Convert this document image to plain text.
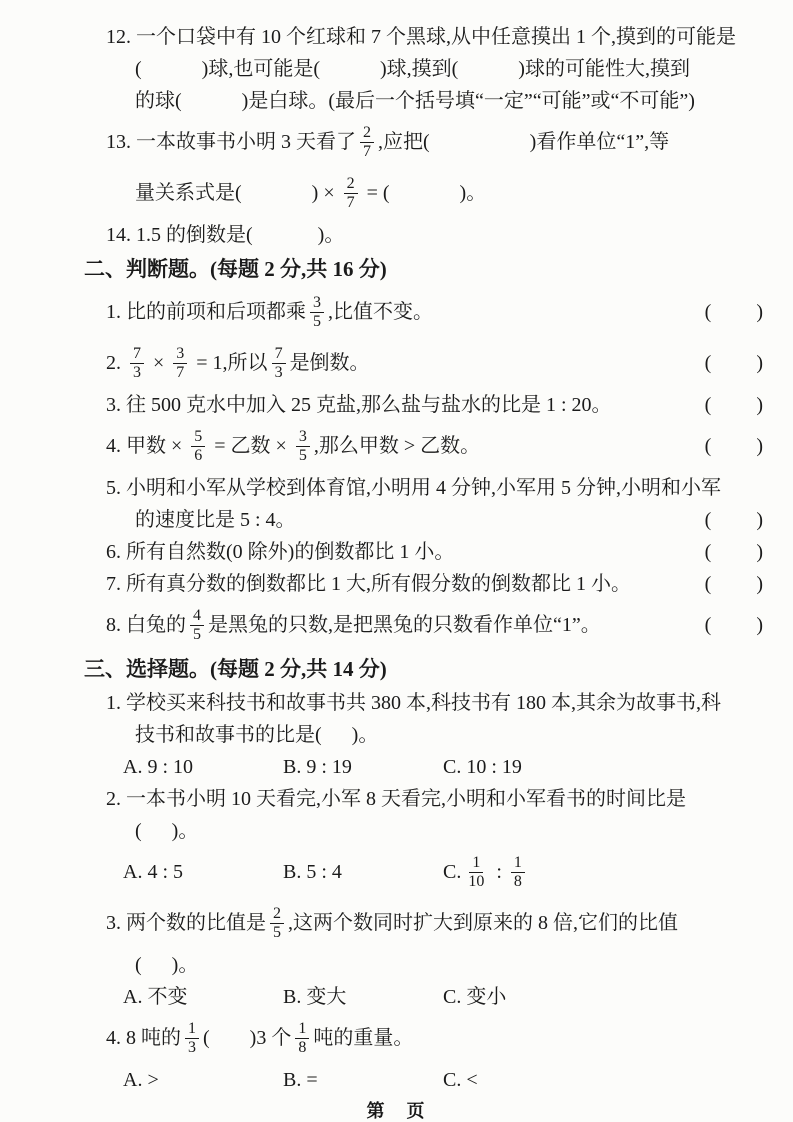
12. 一个口袋中有 10 个红球和 7 个黑球,从中任意摸出 1 个,摸到的可能是
(            )球,也可能是(            )球,摸到(            )球的可能性大,摸到
的球(            )是白球。(最后一个括号填“一定”“可能”或“不可能”)
13. 一本故事书小明 3 天看了 $\frac{2}{7}$ ,应把(                    )看作单位“1”,等
量关系式是(              ) × $\frac{2}{7}$ = (              )。
14. 1.5 的倒数是(             )。
二、判断题。(每题 2 分,共 16 分)
1. 比的前项和后项都乘 $\frac{3}{5}$ ,比值不变。	(         )
2. $\frac{7}{3} \times \frac{3}{7} = 1$,所以 $\frac{7}{3}$ 是倒数。	(         )
3. 往 500 克水中加入 25 克盐,那么盐与盐水的比是 1 : 20。	(         )
4. 甲数 × $\frac{5}{6}$ = 乙数 × $\frac{3}{5}$ ,那么甲数 > 乙数。	(         )
5. 小明和小军从学校到体育馆,小明用 4 分钟,小军用 5 分钟,小明和小军
的速度比是 5 : 4。	(         )
6. 所有自然数(0 除外)的倒数都比 1 小。	(         )
7. 所有真分数的倒数都比 1 大,所有假分数的倒数都比 1 小。	(         )
8. 白兔的 $\frac{4}{5}$ 是黑兔的只数,是把黑兔的只数看作单位“1”。	(         )
三、选择题。(每题 2 分,共 14 分)
1. 学校买来科技书和故事书共 380 本,科技书有 180 本,其余为故事书,科
技书和故事书的比是(      )。
A. 9 : 10	B. 9 : 19	C. 10 : 19
2. 一本书小明 10 天看完,小军 8 天看完,小明和小军看书的时间比是
(      )。
A. 4 : 5	B. 5 : 4	C. $\frac{1}{10}$ : $\frac{1}{8}$
3. 两个数的比值是 $\frac{2}{5}$ ,这两个数同时扩大到原来的 8 倍,它们的比值
(      )。
A. 不变	B. 变大	C. 变小
4. 8 吨的 $\frac{1}{3}$ (        )3 个 $\frac{1}{8}$ 吨的重量。
A. >	B. =	C. <
第　页
